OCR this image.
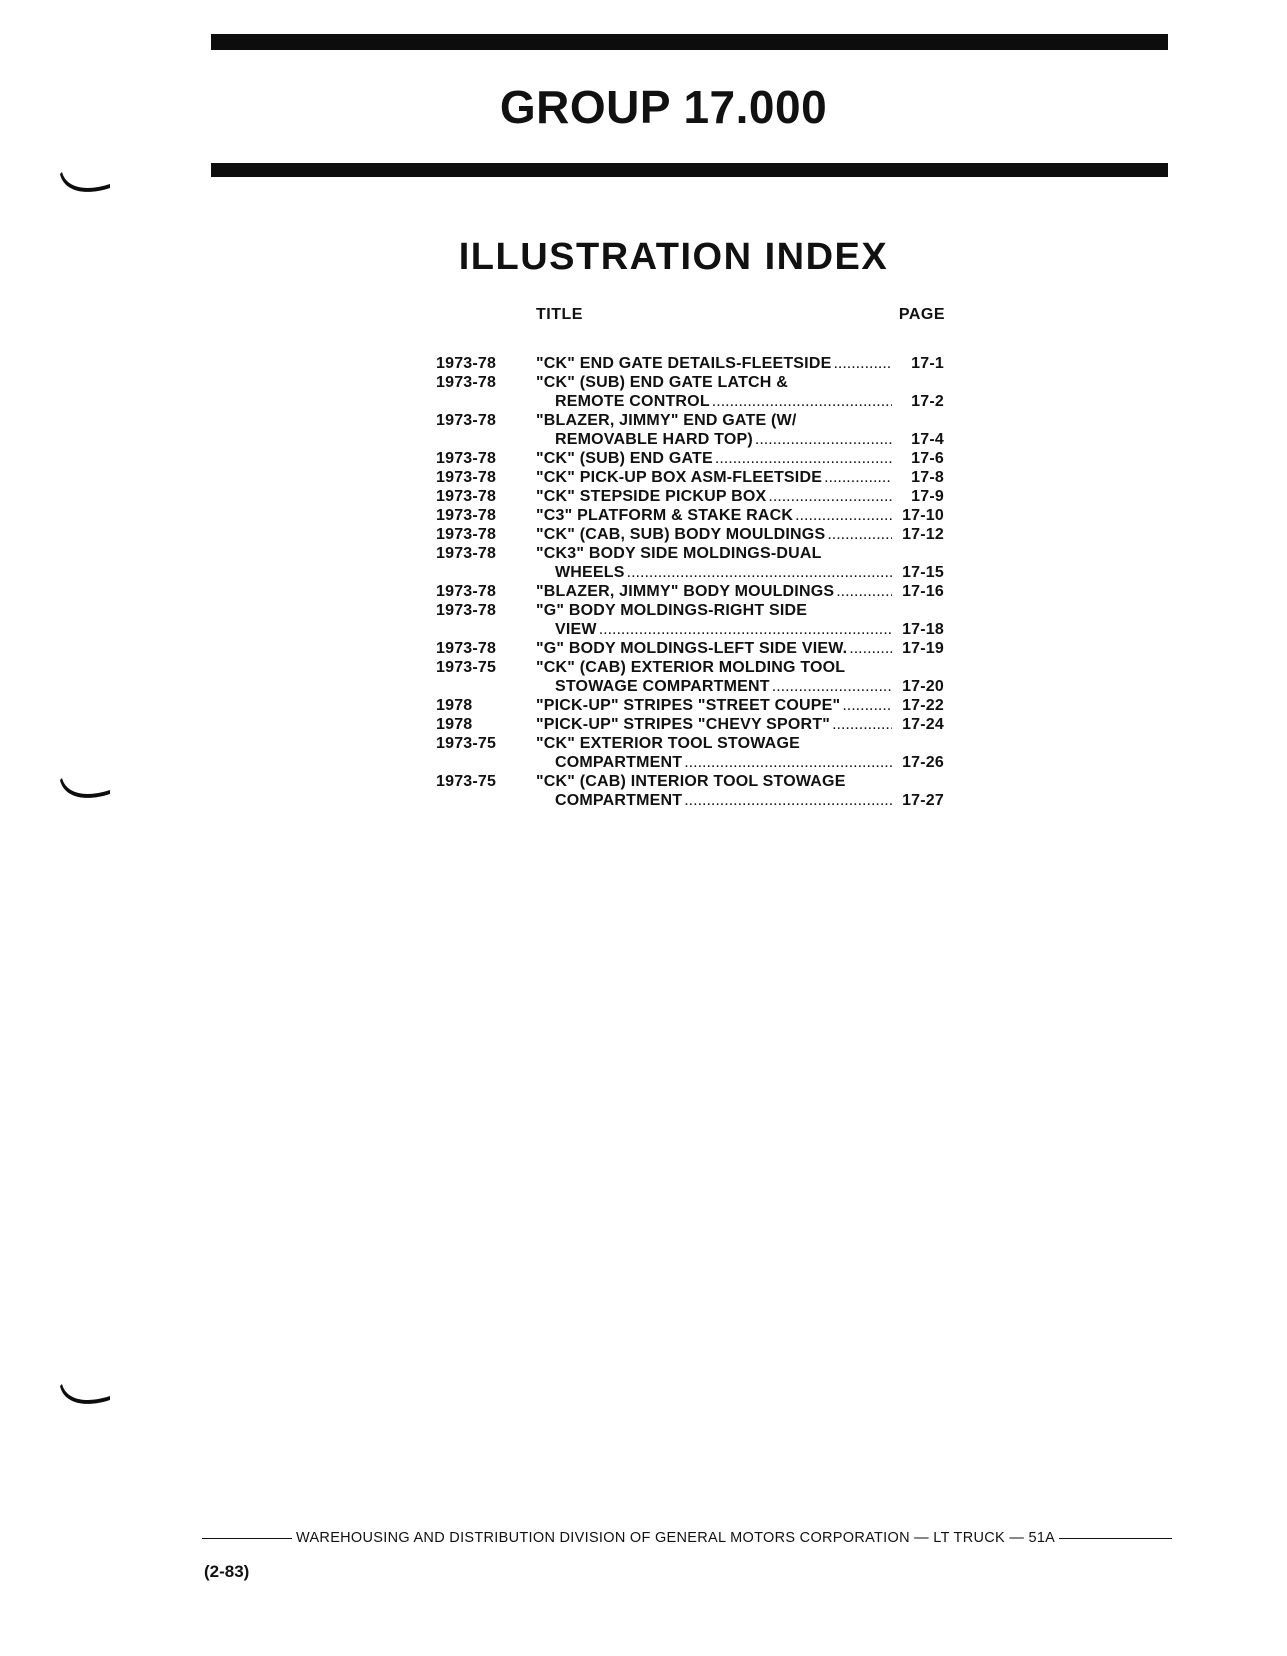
GROUP 17.000
ILLUSTRATION INDEX
TITLE	PAGE
1973-78	"CK" END GATE DETAILS-FLEETSIDE .....	17-1
1973-78	"CK" (SUB) END GATE LATCH &
REMOTE CONTROL .....	17-2
1973-78	"BLAZER, JIMMY" END GATE (W/
REMOVABLE HARD TOP) .....	17-4
1973-78	"CK" (SUB) END GATE .....	17-6
1973-78	"CK" PICK-UP BOX ASM-FLEETSIDE .....	17-8
1973-78	"CK" STEPSIDE PICKUP BOX .....	17-9
1973-78	"C3" PLATFORM & STAKE RACK .....	17-10
1973-78	"CK" (CAB, SUB) BODY MOULDINGS .....	17-12
1973-78	"CK3" BODY SIDE MOLDINGS-DUAL
WHEELS .....	17-15
1973-78	"BLAZER, JIMMY" BODY MOULDINGS .....	17-16
1973-78	"G" BODY MOLDINGS-RIGHT SIDE
VIEW .....	17-18
1973-78	"G" BODY MOLDINGS-LEFT SIDE VIEW. .....	17-19
1973-75	"CK" (CAB) EXTERIOR MOLDING TOOL
STOWAGE COMPARTMENT .....	17-20
1978	"PICK-UP" STRIPES "STREET COUPE" .....	17-22
1978	"PICK-UP" STRIPES "CHEVY SPORT" .....	17-24
1973-75	"CK" EXTERIOR TOOL STOWAGE
COMPARTMENT .....	17-26
1973-75	"CK" (CAB) INTERIOR TOOL STOWAGE
COMPARTMENT .....	17-27
WAREHOUSING AND DISTRIBUTION DIVISION OF GENERAL MOTORS CORPORATION — LT TRUCK — 51A
(2-83)
